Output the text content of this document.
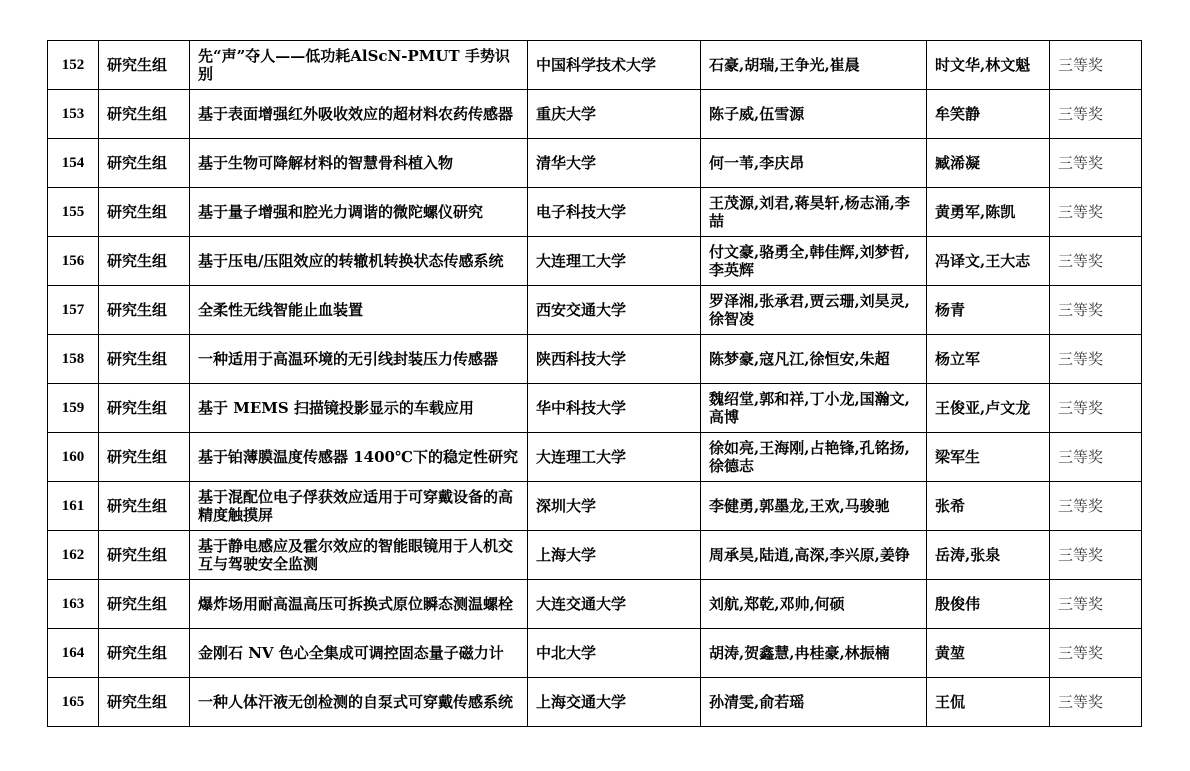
152	研究生组	先“声”夺人——低功耗AlScN-PMUT 手势识别	中国科学技术大学	石豪,胡瑞,王争光,崔晨	时文华,林文魁	三等奖
153	研究生组	基于表面增强红外吸收效应的超材料农药传感器	重庆大学	陈子威,伍雪源	牟笑静	三等奖
154	研究生组	基于生物可降解材料的智慧骨科植入物	清华大学	何一苇,李庆昂	臧浠凝	三等奖
155	研究生组	基于量子增强和腔光力调谐的微陀螺仪研究	电子科技大学	王茂源,刘君,蒋昊轩,杨志涌,李喆	黄勇军,陈凯	三等奖
156	研究生组	基于压电/压阻效应的转辙机转换状态传感系统	大连理工大学	付文豪,骆勇全,韩佳辉,刘梦哲,李英辉	冯译文,王大志	三等奖
157	研究生组	全柔性无线智能止血装置	西安交通大学	罗泽湘,张承君,贾云珊,刘昊灵,徐智凌	杨青	三等奖
158	研究生组	一种适用于高温环境的无引线封装压力传感器	陕西科技大学	陈梦豪,寇凡江,徐恒安,朱超	杨立军	三等奖
159	研究生组	基于 MEMS 扫描镜投影显示的车载应用	华中科技大学	魏绍堂,郭和祥,丁小龙,国瀚文,高博	王俊亚,卢文龙	三等奖
160	研究生组	基于铂薄膜温度传感器 1400℃下的稳定性研究	大连理工大学	徐如亮,王海刚,占艳锋,孔铭扬,徐德志	梁军生	三等奖
161	研究生组	基于混配位电子俘获效应适用于可穿戴设备的高精度触摸屏	深圳大学	李健勇,郭墨龙,王欢,马骏驰	张希	三等奖
162	研究生组	基于静电感应及霍尔效应的智能眼镜用于人机交互与驾驶安全监测	上海大学	周承昊,陆逍,高深,李兴原,姜铮	岳涛,张泉	三等奖
163	研究生组	爆炸场用耐高温高压可拆换式原位瞬态测温螺栓	大连交通大学	刘航,郑乾,邓帅,何硕	殷俊伟	三等奖
164	研究生组	金刚石 NV 色心全集成可调控固态量子磁力计	中北大学	胡涛,贺鑫慧,冉桂豪,林振楠	黄堃	三等奖
165	研究生组	一种人体汗液无创检测的自泵式可穿戴传感系统	上海交通大学	孙清雯,俞若瑶	王侃	三等奖
